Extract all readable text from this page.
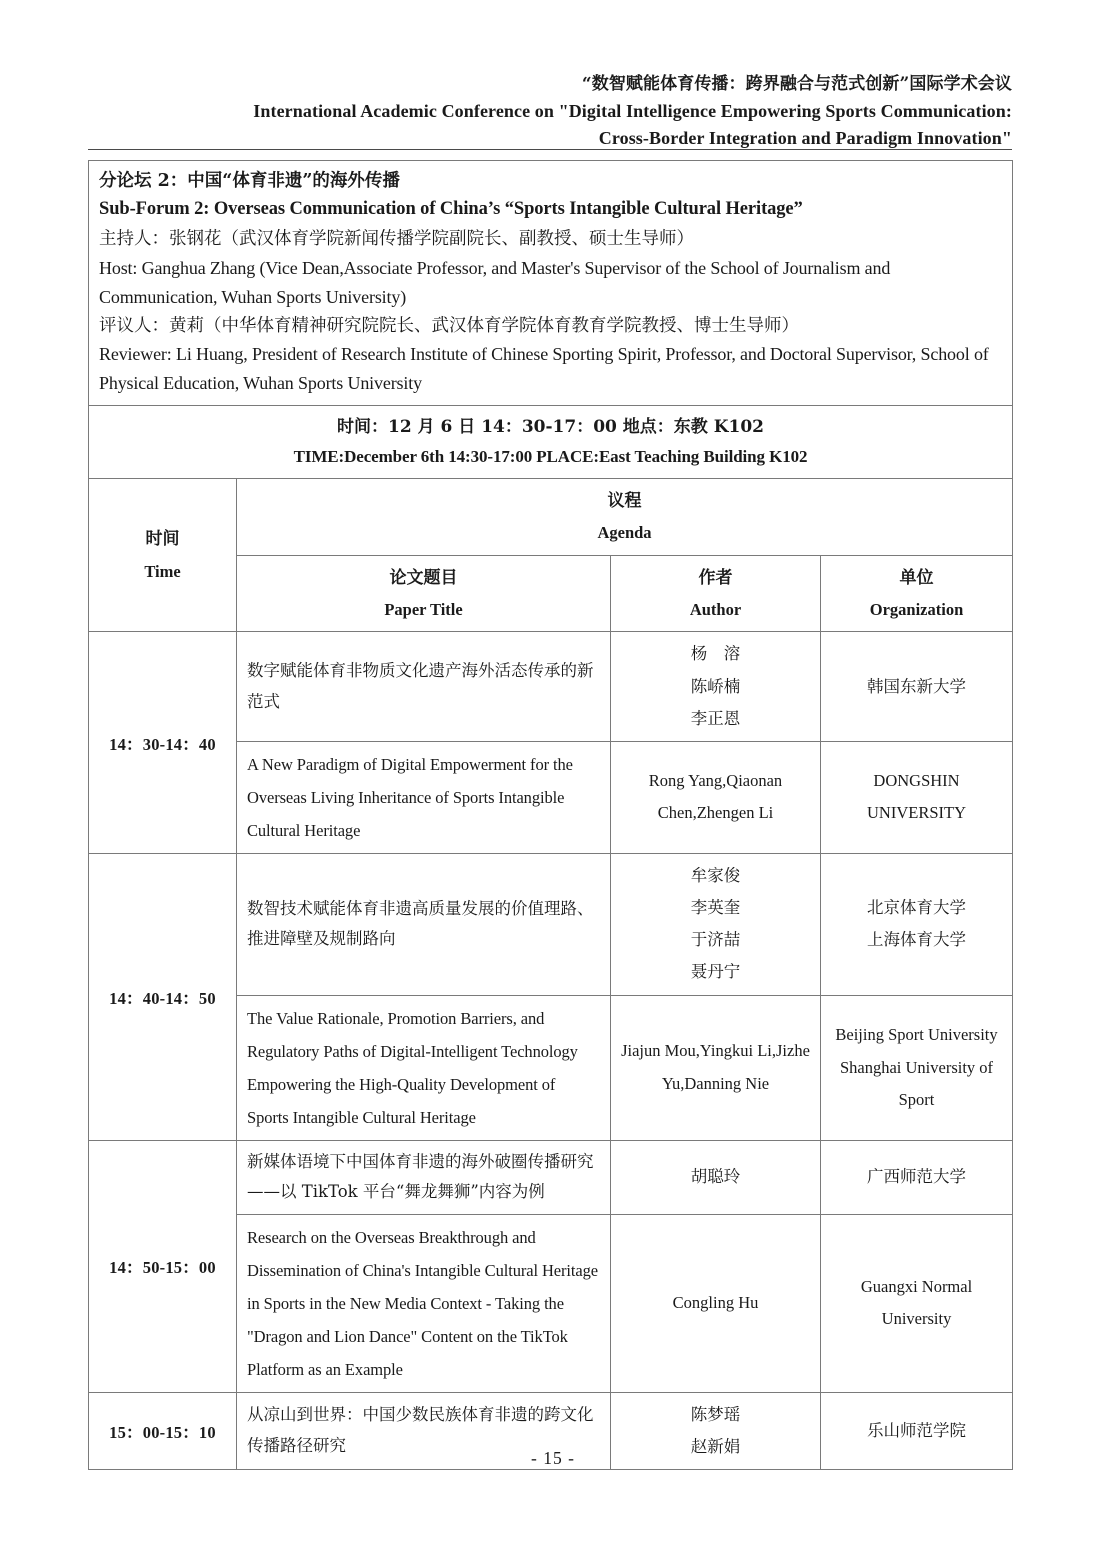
“数智赋能体育传播：跨界融合与范式创新”国际学术会议
International Academic Conference on "Digital Intelligence Empowering Sports Communication:
Cross-Border Integration and Paradigm Innovation"

分论坛 2：中国“体育非遗”的海外传播

Sub-Forum 2: Overseas Communication of China’s “Sports Intangible Cultural Heritage”

主持人：张钢花（武汉体育学院新闻传播学院副院长、副教授、硕士生导师）

Host: Ganghua Zhang (Vice Dean,Associate Professor, and Master's Supervisor of the School of Journalism and Communication, Wuhan Sports University)

评议人：黄莉（中华体育精神研究院院长、武汉体育学院体育教育学院教授、博士生导师）

Reviewer: Li Huang, President of Research Institute of Chinese Sporting Spirit, Professor, and Doctoral Supervisor, School of Physical Education, Wuhan Sports University

时间：12 月 6 日 14：30-17：00 地点：东教 K102

TIME:December 6th 14:30-17:00 PLACE:East Teaching Building K102			

时间
Time	议程
Agenda		

	论文题目
Paper Title	作者
Author	单位
Organization

14：30-14：40	数字赋能体育非物质文化遗产海外活态传承的新范式	杨　溶
陈峤楠
李正恩	韩国东新大学

	A New Paradigm of Digital Empowerment for the Overseas Living Inheritance of Sports Intangible Cultural Heritage	Rong Yang,Qiaonan
Chen,Zhengen Li	DONGSHIN
UNIVERSITY

14：40-14：50	数智技术赋能体育非遗高质量发展的价值理路、推进障壁及规制路向	牟家俊
李英奎
于济喆
聂丹宁	北京体育大学
上海体育大学

	The Value Rationale, Promotion Barriers, and Regulatory Paths of Digital-Intelligent Technology Empowering the High-Quality Development of Sports Intangible Cultural Heritage	Jiajun Mou,Yingkui Li,Jizhe
Yu,Danning Nie	Beijing Sport University
Shanghai University of
Sport

14：50-15：00	新媒体语境下中国体育非遗的海外破圈传播研究——以 TikTok 平台“舞龙舞狮”内容为例	胡聪玲	广西师范大学

	Research on the Overseas Breakthrough and Dissemination of China's Intangible Cultural Heritage in Sports in the New Media Context - Taking the "Dragon and Lion Dance" Content on the TikTok Platform as an Example	Congling Hu	Guangxi Normal
University

15：00-15：10	从凉山到世界：中国少数民族体育非遗的跨文化传播路径研究	陈梦瑶
赵新娟	乐山师范学院
- 15 -
